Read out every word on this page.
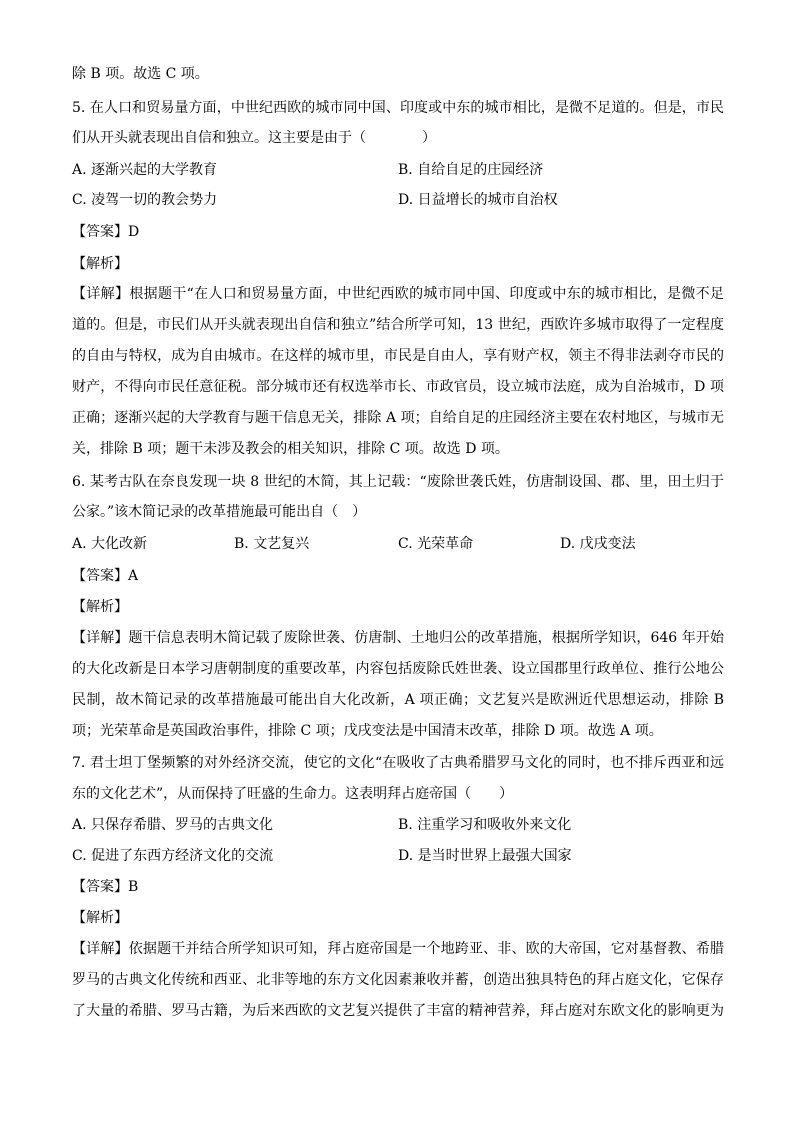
除 B 项。故选 C 项。
5. 在人口和贸易量方面，中世纪西欧的城市同中国、印度或中东的城市相比，是微不足道的。但是，市民
们从开头就表现出自信和独立。这主要是由于（　　　　）
A. 逐渐兴起的大学教育	B. 自给自足的庄园经济
C. 凌驾一切的教会势力	D. 日益增长的城市自治权
【答案】D
【解析】
【详解】根据题干“在人口和贸易量方面，中世纪西欧的城市同中国、印度或中东的城市相比，是微不足
道的。但是，市民们从开头就表现出自信和独立”结合所学可知，13 世纪，西欧许多城市取得了一定程度
的自由与特权，成为自由城市。在这样的城市里，市民是自由人，享有财产权，领主不得非法剥夺市民的
财产，不得向市民任意征税。部分城市还有权选举市长、市政官员，设立城市法庭，成为自治城市，D 项
正确；逐渐兴起的大学教育与题干信息无关，排除 A 项；自给自足的庄园经济主要在农村地区，与城市无
关，排除 B 项；题干未涉及教会的相关知识，排除 C 项。故选 D 项。
6. 某考古队在奈良发现一块 8 世纪的木简，其上记载：“废除世袭氏姓，仿唐制设国、郡、里，田土归于
公家。”该木简记录的改革措施最可能出自（　）
A. 大化改新	B. 文艺复兴	C. 光荣革命	D. 戊戌变法
【答案】A
【解析】
【详解】题干信息表明木简记载了废除世袭、仿唐制、土地归公的改革措施，根据所学知识，646 年开始
的大化改新是日本学习唐朝制度的重要改革，内容包括废除氏姓世袭、设立国郡里行政单位、推行公地公
民制，故木简记录的改革措施最可能出自大化改新，A 项正确；文艺复兴是欧洲近代思想运动，排除 B
项；光荣革命是英国政治事件，排除 C 项；戊戌变法是中国清末改革，排除 D 项。故选 A 项。
7. 君士坦丁堡频繁的对外经济交流，使它的文化“在吸收了古典希腊罗马文化的同时，也不排斥西亚和远
东的文化艺术”，从而保持了旺盛的生命力。这表明拜占庭帝国（　　）
A. 只保存希腊、罗马的古典文化	B. 注重学习和吸收外来文化
C. 促进了东西方经济文化的交流	D. 是当时世界上最强大国家
【答案】B
【解析】
【详解】依据题干并结合所学知识可知，拜占庭帝国是一个地跨亚、非、欧的大帝国，它对基督教、希腊
罗马的古典文化传统和西亚、北非等地的东方文化因素兼收并蓄，创造出独具特色的拜占庭文化，它保存
了大量的希腊、罗马古籍，为后来西欧的文艺复兴提供了丰富的精神营养，拜占庭对东欧文化的影响更为
